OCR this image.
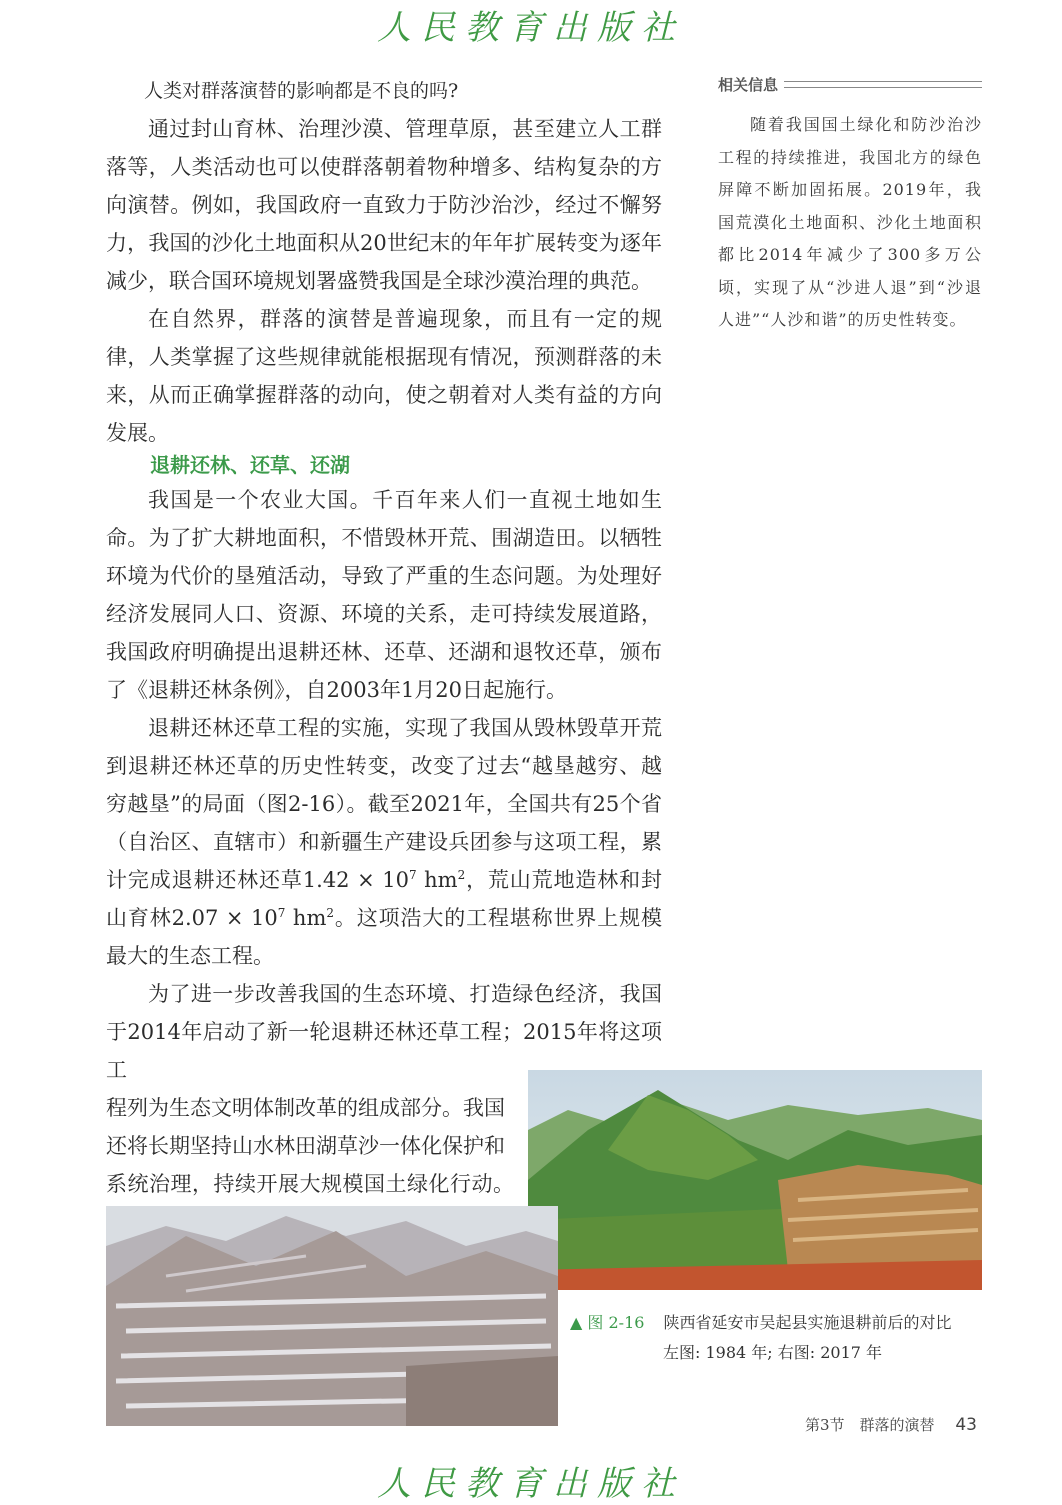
人民教育出版社

人类对群落演替的影响都是不良的吗?

通过封山育林、治理沙漠、管理草原，甚至建立人工群落等，人类活动也可以使群落朝着物种增多、结构复杂的方向演替。例如，我国政府一直致力于防沙治沙，经过不懈努力，我国的沙化土地面积从20世纪末的年年扩展转变为逐年减少，联合国环境规划署盛赞我国是全球沙漠治理的典范。

在自然界，群落的演替是普遍现象，而且有一定的规律，人类掌握了这些规律就能根据现有情况，预测群落的未来，从而正确掌握群落的动向，使之朝着对人类有益的方向发展。

退耕还林、还草、还湖

我国是一个农业大国。千百年来人们一直视土地如生命。为了扩大耕地面积，不惜毁林开荒、围湖造田。以牺牲环境为代价的垦殖活动，导致了严重的生态问题。为处理好经济发展同人口、资源、环境的关系，走可持续发展道路，我国政府明确提出退耕还林、还草、还湖和退牧还草，颁布了《退耕还林条例》，自2003年1月20日起施行。

退耕还林还草工程的实施，实现了我国从毁林毁草开荒到退耕还林还草的历史性转变，改变了过去“越垦越穷、越穷越垦”的局面（图2-16）。截至2021年，全国共有25个省（自治区、直辖市）和新疆生产建设兵团参与这项工程，累计完成退耕还林还草$1.42 \times 10^7$ $hm^2$，荒山荒地造林和封山育林$2.07 \times 10^7$ $hm^2$。这项浩大的工程堪称世界上规模最大的生态工程。

为了进一步改善我国的生态环境、打造绿色经济，我国于2014年启动了新一轮退耕还林还草工程；2015年将这项工

程列为生态文明体制改革的组成部分。我国
还将长期坚持山水林田湖草沙一体化保护和
系统治理，持续开展大规模国土绿化行动。
相关信息

随着我国国土绿化和防沙治沙工程的持续推进，我国北方的绿色屏障不断加固拓展。2019年，我国荒漠化土地面积、沙化土地面积都比2014年减少了300多万公顷，实现了从“沙进人退”到“沙退人进”“人沙和谐”的历史性转变。

▲ 图 2-16 陕西省延安市吴起县实施退耕前后的对比
左图: 1984 年; 右图: 2017 年
第3节　群落的演替 43
人民教育出版社
